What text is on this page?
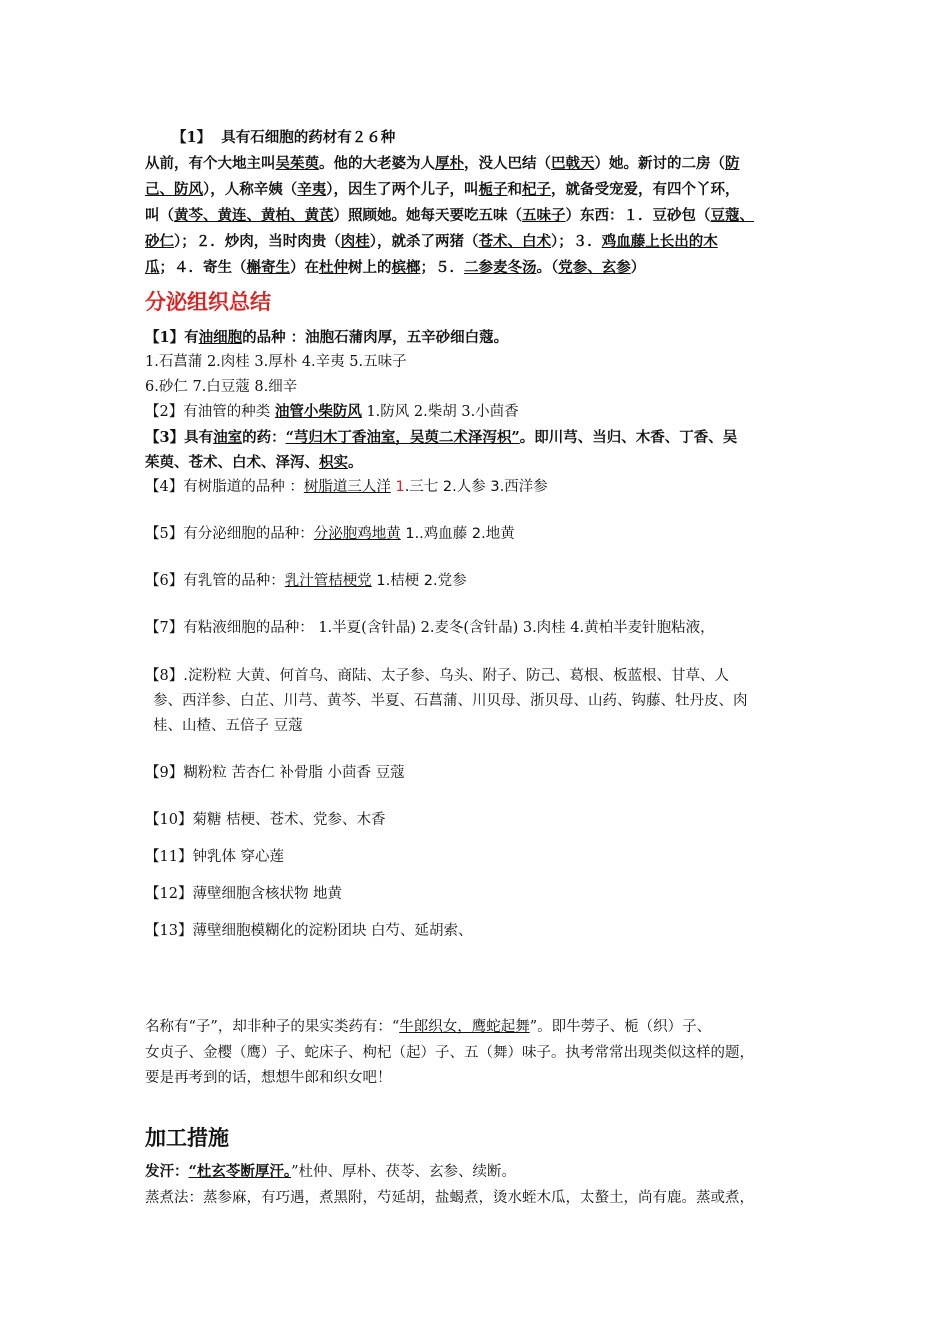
【1】 具有石细胞的药材有２６种
从前，有个大地主叫吴茱萸。他的大老婆为人厚朴，没人巴结（巴戟天）她。新讨的二房（防
己、防风），人称辛姨（辛夷），因生了两个儿子，叫栀子和杞子，就备受宠爱，有四个丫环，
叫（黄芩、黄连、黄柏、黄芪）照顾她。她每天要吃五味（五味子）东西：１．豆砂包（豆蔻、
砂仁）；２．炒肉，当时肉贵（肉桂），就杀了两猪（苍术、白术）；３．鸡血藤上长出的木
瓜；４．寄生（槲寄生）在杜仲树上的槟榔；５．二参麦冬汤。（党参、玄参）
分泌组织总结
【1】有油细胞的品种 ：油胞石蒲肉厚，五辛砂细白蔻。
1.石菖蒲 2.肉桂 3.厚朴 4.辛夷 5.五味子
6.砂仁 7.白豆蔻 8.细辛
【2】有油管的种类 油管小柴防风 1.防风 2.柴胡 3.小茴香
【3】具有油室的药：“芎归木丁香油室，吴萸二术泽泻枳”。即川芎、当归、木香、丁香、吴
茱萸、苍术、白术、泽泻、枳实。
【4】有树脂道的品种 ：树脂道三人洋 1.三七 2.人参 3.西洋参
【5】有分泌细胞的品种：分泌胞鸡地黄 1..鸡血藤 2.地黄
【6】有乳管的品种：乳汁管桔梗党 1.桔梗 2.党参
【7】有粘液细胞的品种： 1.半夏(含针晶) 2.麦冬(含针晶) 3.肉桂 4.黄柏半麦针胞粘液，
【8】.淀粉粒 大黄、何首乌、商陆、太子参、乌头、附子、防己、葛根、板蓝根、甘草、人
参、西洋参、白芷、川芎、黄芩、半夏、石菖蒲、川贝母、浙贝母、山药、钩藤、牡丹皮、肉
桂、山楂、五倍子 豆蔻
【9】糊粉粒 苦杏仁 补骨脂 小茴香 豆蔻
【10】菊糖 桔梗、苍术、党参、木香
【11】钟乳体 穿心莲
【12】薄壁细胞含核状物 地黄
【13】薄壁细胞模糊化的淀粉团块 白芍、延胡索、
名称有“子”，却非种子的果实类药有：“牛郎织女，鹰蛇起舞”。即牛蒡子、栀（织）子、
女贞子、金樱（鹰）子、蛇床子、枸杞（起）子、五（舞）味子。执考常常出现类似这样的题，
要是再考到的话，想想牛郎和织女吧！
加工措施
发汗：“杜玄苓断厚汗。”杜仲、厚朴、茯苓、玄参、续断。
蒸煮法：蒸参麻，有巧遇，煮黑附，芍延胡，盐蝎煮，烫水蛭木瓜，太螯土，尚有鹿。蒸或煮，
